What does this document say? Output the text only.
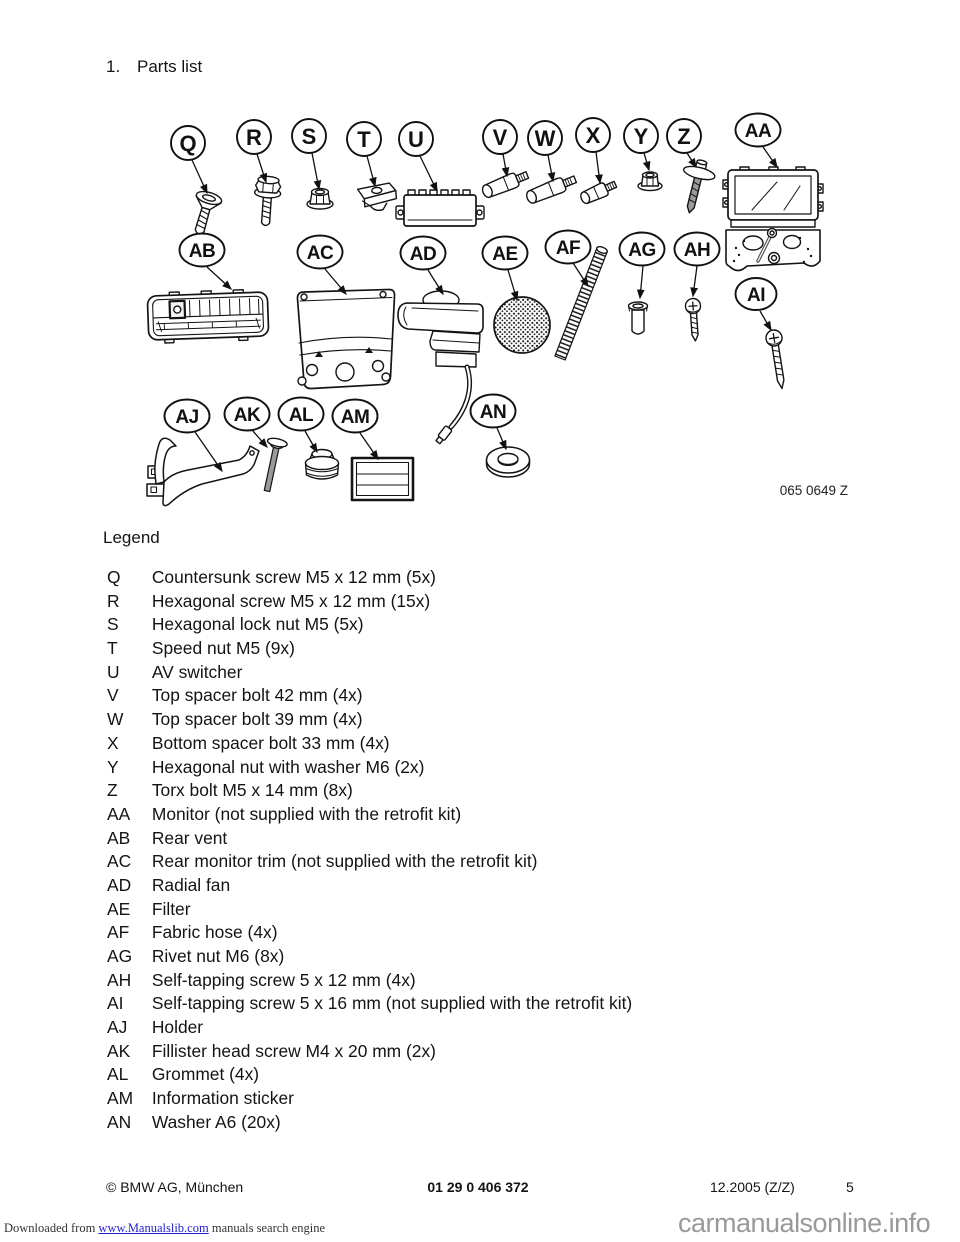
1. Parts list
Q R S T U	V W X Y Z	AA
AB	AC	AD	AE AF	AG AH
AI
AJ AK AL AM	AN
065 0649 Z
Legend
Q Countersunk screw M5 x 12 mm (5x)
R Hexagonal screw M5 x 12 mm (15x)
S Hexagonal lock nut M5 (5x)
T Speed nut M5 (9x)
U AV switcher
V Top spacer bolt 42 mm (4x)
W Top spacer bolt 39 mm (4x)
X Bottom spacer bolt 33 mm (4x)
Y Hexagonal nut with washer M6 (2x)
Z Torx bolt M5 x 14 mm (8x)
AA Monitor (not supplied with the retrofit kit)
AB Rear vent
AC Rear monitor trim (not supplied with the retrofit kit)
AD Radial fan
AE Filter
AF Fabric hose (4x)
AG Rivet nut M6 (8x)
AH Self-tapping screw 5 x 12 mm (4x)
AI Self-tapping screw 5 x 16 mm (not supplied with the retrofit kit)
AJ Holder
AK Fillister head screw M4 x 20 mm (2x)
AL Grommet (4x)
AM Information sticker
AN Washer A6 (20x)
© BMW AG, München	01 29 0 406 372	12.2005 (Z/Z)	5
Downloaded from www.Manualslib.com manuals search engine	carmanualsonline.info
